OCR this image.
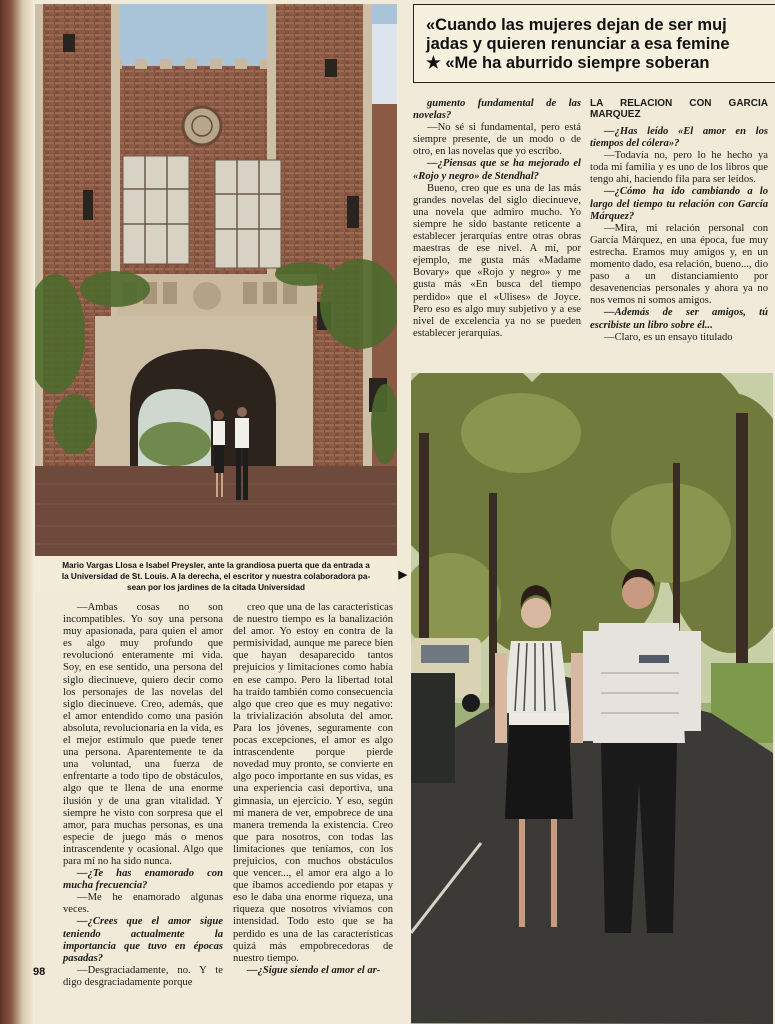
Mario Vargas Llosa e Isabel Preysler, ante la grandiosa puerta que da entrada a
la Universidad de St. Louis. A la derecha, el escritor y nuestra colaboradora pa-
sean por los jardines de la citada Universidad
▶
«Cuando las mujeres dejan de ser muj
jadas y quieren renunciar a esa femine
★ «Me ha aburrido siempre soberan

—Ambas cosas no son incompatibles. Yo soy una persona muy apasionada, para quien el amor es algo muy profundo que revolucionó enteramente mi vida. Soy, en ese sentido, una persona del siglo diecinueve, quiero decir como los personajes de las novelas del siglo diecinueve. Creo, además, que el amor entendido como una pasión absoluta, revolucionaria en la vida, es el mejor estímulo que puede tener una persona. Aparentemente te da una voluntad, una fuerza de enfrentarte a todo tipo de obstáculos, algo que te llena de una enorme ilusión y de una gran vitalidad. Y siempre he visto con sorpresa que el amor, para muchas personas, es una especie de juego más o menos intrascendente y ocasional. Algo que para mí no ha sido nunca.

—¿Te has enamorado con mucha frecuencia?

—Me he enamorado algunas veces.

—¿Crees que el amor sigue teniendo actualmente la importancia que tuvo en épocas pasadas?

—Desgraciadamente, no. Y te digo desgraciadamente porque

creo que una de las características de nuestro tiempo es la banalización del amor. Yo estoy en contra de la permisividad, aunque me parece bien que hayan desaparecido tantos prejuicios y limitaciones como había en ese campo. Pero la libertad total ha traído también como consecuencia algo que creo que es muy negativo: la trivialización absoluta del amor. Para los jóvenes, seguramente con pocas excepciones, el amor es algo intrascendente porque pierde novedad muy pronto, se convierte en algo poco importante en sus vidas, es una experiencia casi deportiva, una gimnasia, un ejercicio. Y eso, según mi manera de ver, empobrece de una manera tremenda la existencia. Creo que para nosotros, con todas las limitaciones que teníamos, con los prejuicios, con muchos obstáculos que vencer..., el amor era algo a lo que íbamos accediendo por etapas y eso le daba una enorme riqueza, una riqueza que nosotros vivíamos con intensidad. Todo esto que se ha perdido es una de las características quizá más empobrecedoras de nuestro tiempo.

—¿Sigue siendo el amor el ar-

gumento fundamental de las novelas?

—No sé si fundamental, pero está siempre presente, de un modo o de otro, en las novelas que yo escribo.

—¿Piensas que se ha mejorado el «Rojo y negro» de Stendhal?

Bueno, creo que es una de las más grandes novelas del siglo diecinueve, una novela que admiro mucho. Yo siempre he sido bastante reticente a establecer jerarquías entre otras obras maestras de ese nivel. A mí, por ejemplo, me gusta más «Madame Bovary» que «Rojo y negro» y me gusta más «En busca del tiempo perdido» que el «Ulises» de Joyce. Pero eso es algo muy subjetivo y a ese nivel de excelencia ya no se pueden establecer jerarquías.

LA RELACION CON GARCIA MARQUEZ

—¿Has leído «El amor en los tiempos del cólera»?

—Todavía no, pero lo he hecho ya toda mi familia y es uno de los libros que tengo ahí, haciendo fila para ser leídos.

—¿Cómo ha ido cambiando a lo largo del tiempo tu relación con García Márquez?

—Mira, mi relación personal con García Márquez, en una época, fue muy estrecha. Eramos muy amigos y, en un momento dado, esa relación, bueno..., dio paso a un distanciamiento por desavenencias personales y ahora ya no nos vemos ni somos amigos.

—Además de ser amigos, tú escribiste un libro sobre él...

—Claro, es un ensayo titulado

98
